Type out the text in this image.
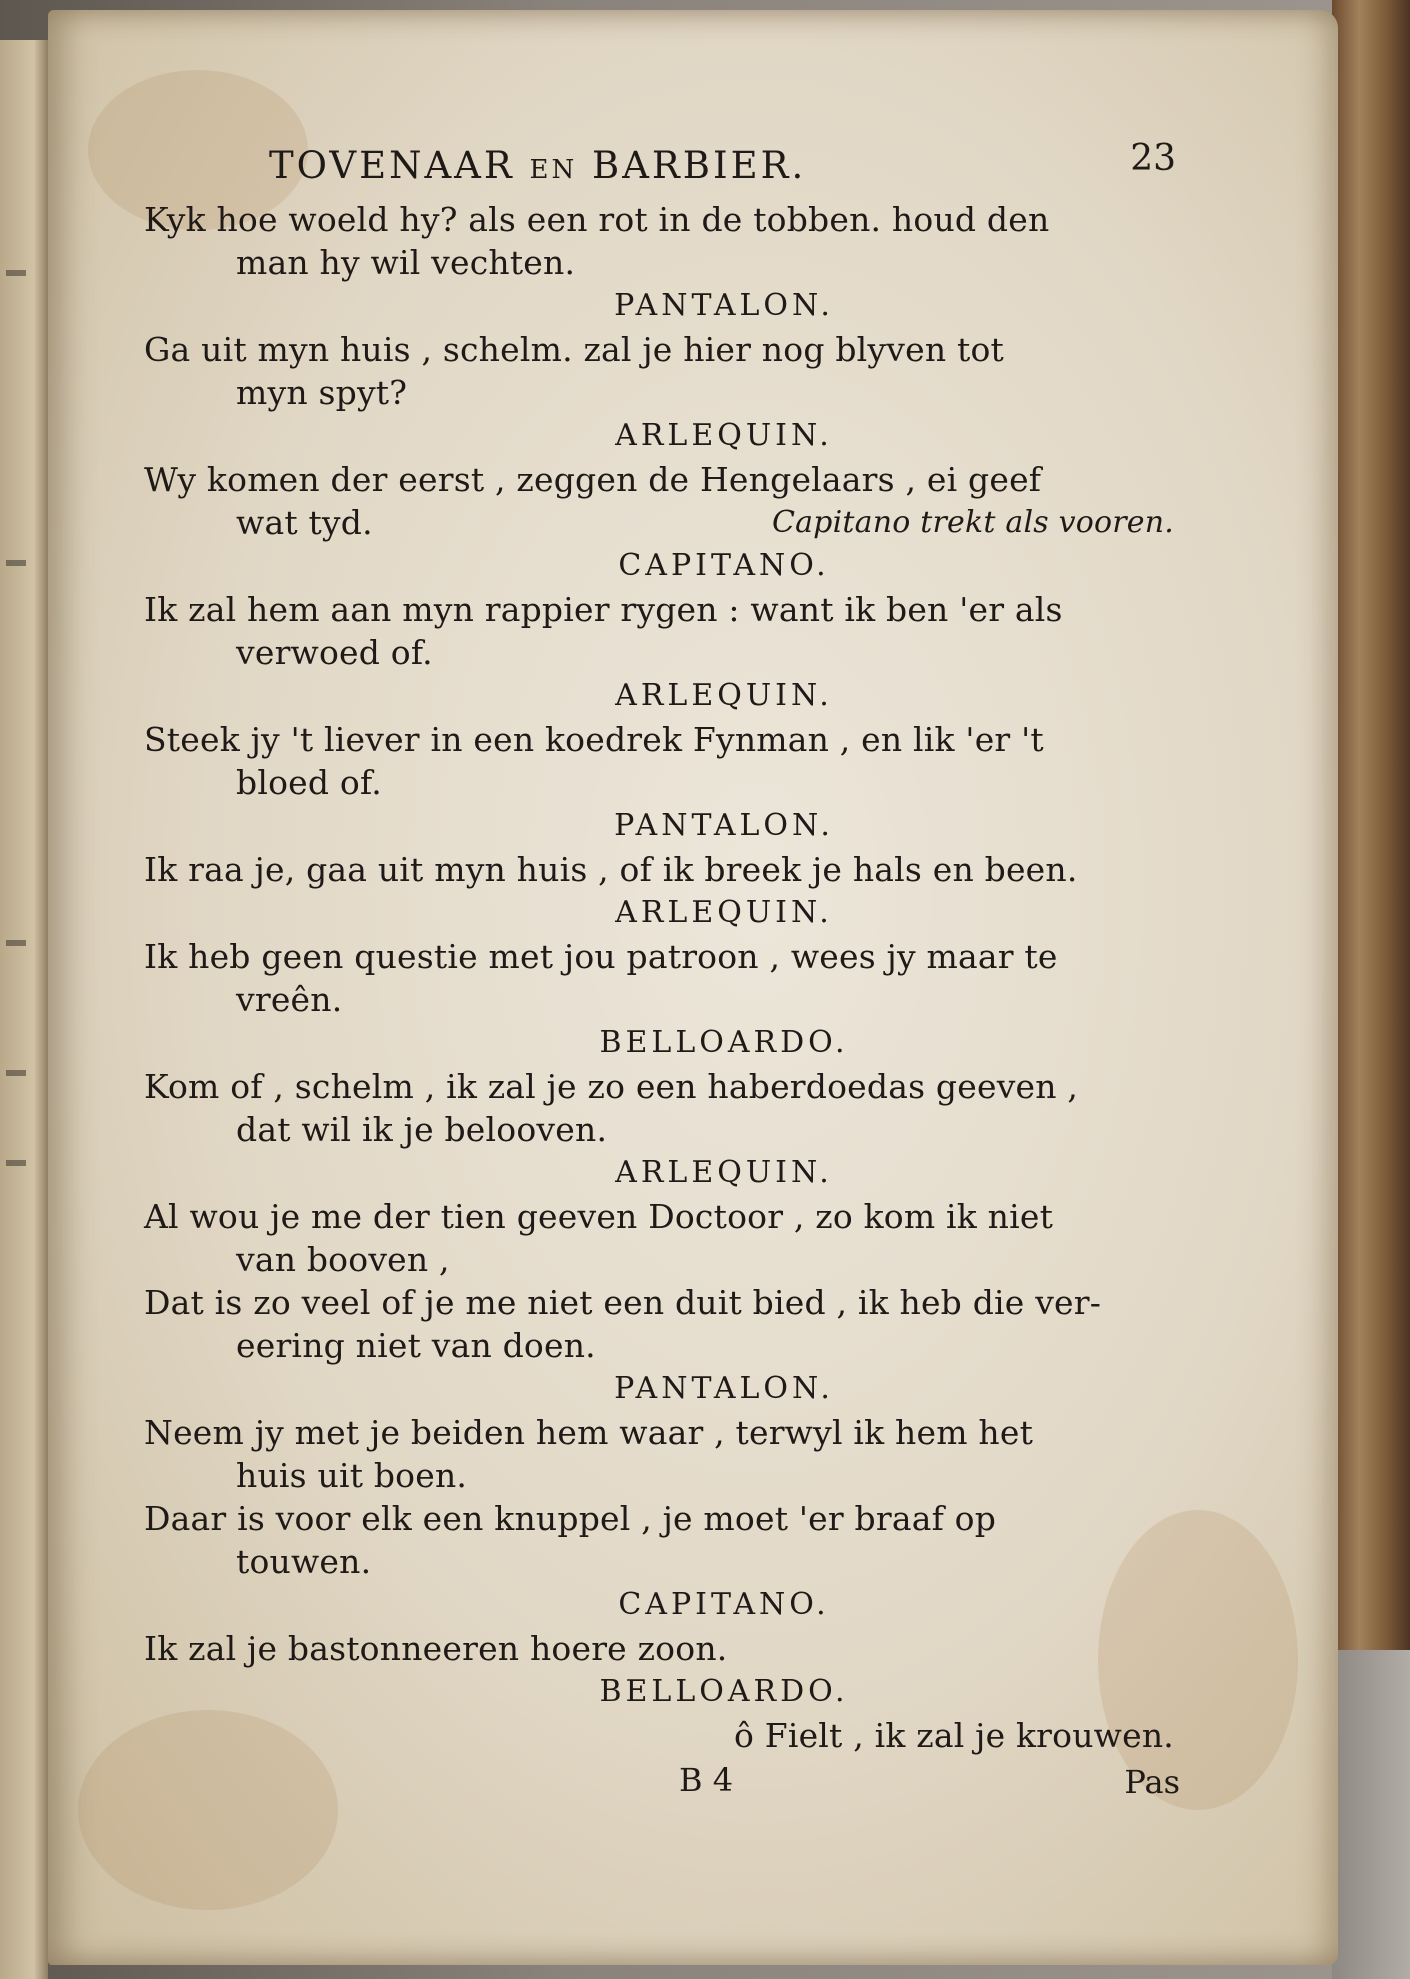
TOVENAAR en BARBIER.	23
Kyk hoe woeld hy? als een rot in de tobben. houd den
man hy wil vechten.
PANTALON.
Ga uit myn huis , schelm. zal je hier nog blyven tot
myn spyt?
ARLEQUIN.
Wy komen der eerst , zeggen de Hengelaars , ei geef
wat tyd.	Capitano trekt als vooren.
CAPITANO.
Ik zal hem aan myn rappier rygen : want ik ben 'er als
verwoed of.
ARLEQUIN.
Steek jy 't liever in een koedrek Fynman , en lik 'er 't
bloed of.
PANTALON.
Ik raa je, gaa uit myn huis , of ik breek je hals en been.
ARLEQUIN.
Ik heb geen questie met jou patroon , wees jy maar te
vreên.
BELLOARDO.
Kom of , schelm , ik zal je zo een haberdoedas geeven ,
dat wil ik je belooven.
ARLEQUIN.
Al wou je me der tien geeven Doctoor , zo kom ik niet
van booven ,
Dat is zo veel of je me niet een duit bied , ik heb die ver-
eering niet van doen.
PANTALON.
Neem jy met je beiden hem waar , terwyl ik hem het
huis uit boen.
Daar is voor elk een knuppel , je moet 'er braaf op
touwen.
CAPITANO.
Ik zal je bastonneeren hoere zoon.
BELLOARDO.
ô Fielt , ik zal je krouwen.
B 4	Pas
